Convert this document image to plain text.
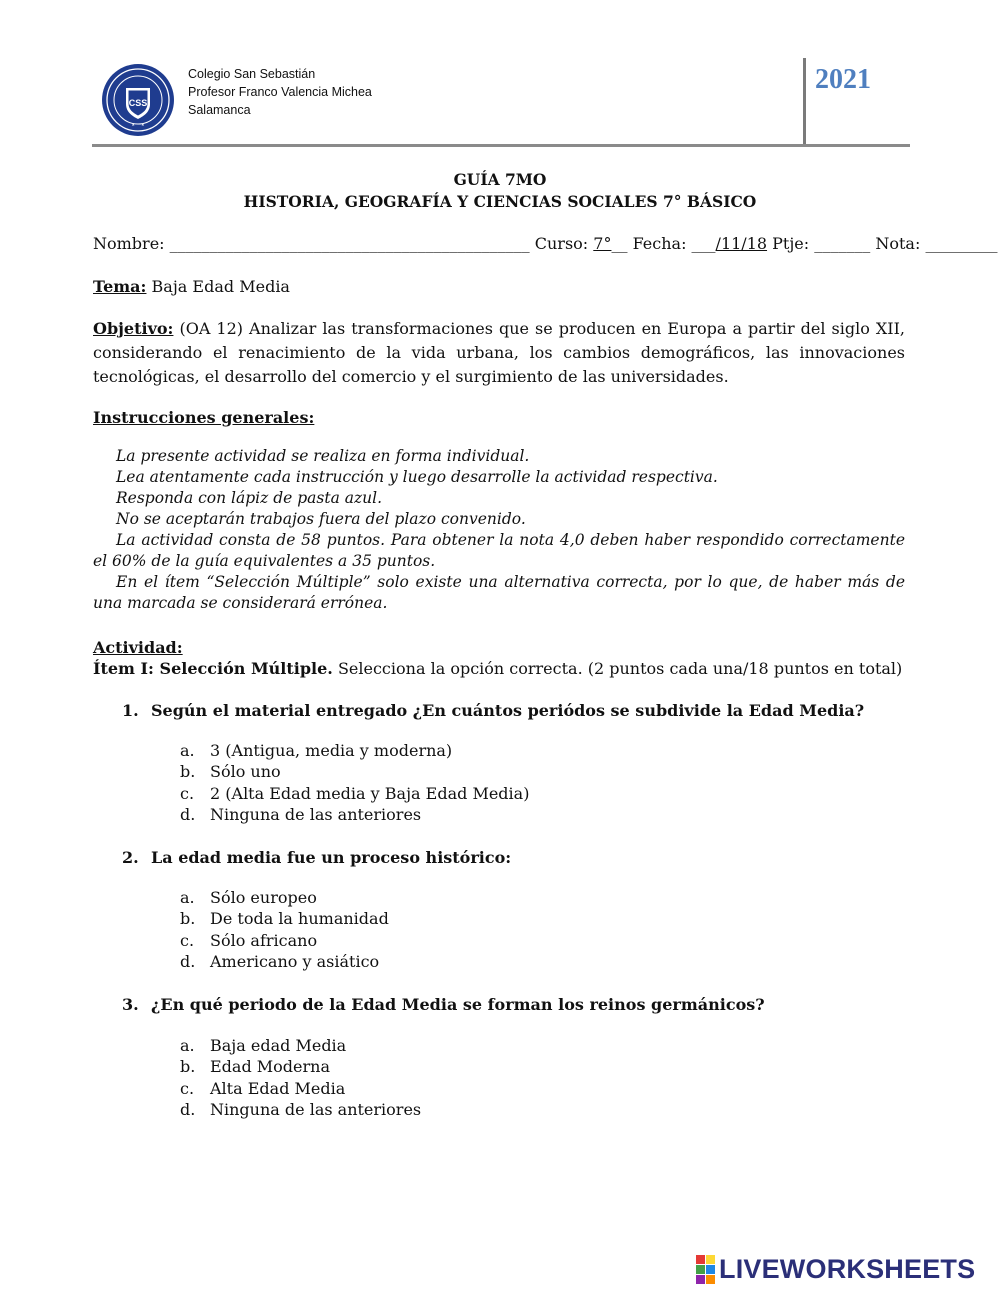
CSS
Colegio San Sebastián
Profesor Franco Valencia Michea
Salamanca
2021
GUÍA 7MO
HISTORIA, GEOGRAFÍA Y CIENCIAS SOCIALES 7° BÁSICO
Nombre: _____________________________________________ Curso: 7°__ Fecha: ___/11/18 Ptje: _______ Nota: _________
Tema: Baja Edad Media
Objetivo: (OA 12) Analizar las transformaciones que se producen en Europa a partir del siglo XII, considerando el renacimiento de la vida urbana, los cambios demográficos, las innovaciones tecnológicas, el desarrollo del comercio y el surgimiento de las universidades.
Instrucciones generales:

La presente actividad se realiza en forma individual.

Lea atentamente cada instrucción y luego desarrolle la actividad respectiva.

Responda con lápiz de pasta azul.

No se aceptarán trabajos fuera del plazo convenido.

La actividad consta de 58 puntos. Para obtener la nota 4,0 deben haber respondido correctamente el 60% de la guía equivalentes a 35 puntos.

En el ítem “Selección Múltiple” solo existe una alternativa correcta, por lo que, de haber más de una marcada se considerará errónea.

Actividad:
Ítem I: Selección Múltiple. Selecciona la opción correcta. (2 puntos cada una/18 puntos en total)
1. Según el material entregado ¿En cuántos periódos se subdivide la Edad Media?
a. 3 (Antigua, media y moderna)
b. Sólo uno
c. 2 (Alta Edad media y Baja Edad Media)
d. Ninguna de las anteriores
2. La edad media fue un proceso histórico:
a. Sólo europeo
b. De toda la humanidad
c. Sólo africano
d. Americano y asiático
3. ¿En qué periodo de la Edad Media se forman los reinos germánicos?
a. Baja edad Media
b. Edad Moderna
c. Alta Edad Media
d. Ninguna de las anteriores
LIVEWORKSHEETS
